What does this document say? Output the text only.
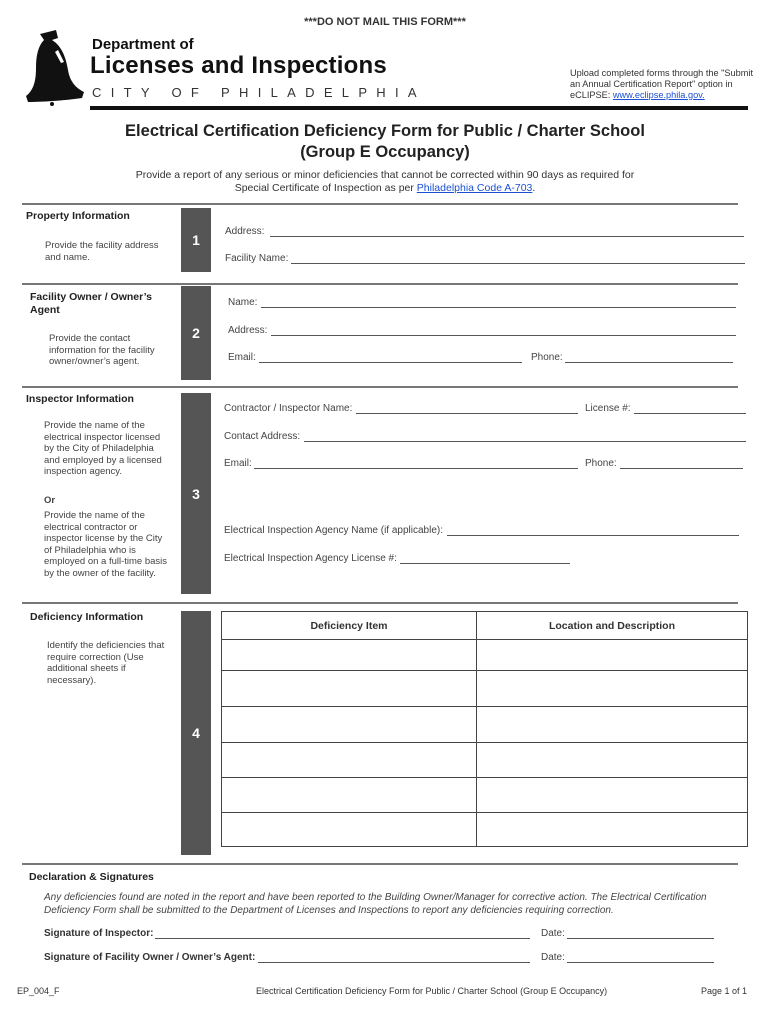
***DO NOT MAIL THIS FORM***
Department of
Licenses and Inspections
CITY OF PHILADELPHIA
Upload completed forms through the "Submit an Annual Certification Report" option in eCLIPSE: www.eclipse.phila.gov.
Electrical Certification Deficiency Form for Public / Charter School
(Group E Occupancy)
Provide a report of any serious or minor deficiencies that cannot be corrected within 90 days as required for
Special Certificate of Inspection as per Philadelphia Code A-703.
Property Information
Provide the facility address and name.
1
Address:
Facility Name:
Facility Owner / Owner’s Agent
Provide the contact information for the facility owner/owner’s agent.
2
Name:
Address:
Email:	Phone:
Inspector Information
Provide the name of the electrical inspector licensed by the City of Philadelphia and employed by a licensed inspection agency.
Or
Provide the name of the electrical contractor or inspector license by the City of Philadelphia who is employed on a full-time basis by the owner of the facility.
3
Contractor / Inspector Name:	License #:
Contact Address:
Email:	Phone:
Electrical Inspection Agency Name (if applicable):
Electrical Inspection Agency License #:
Deficiency Information
Identify the deficiencies that require correction (Use additional sheets if necessary).
4
Deficiency Item	Location and Description

Declaration & Signatures
Any deficiencies found are noted in the report and have been reported to the Building Owner/Manager for corrective action. The Electrical Certification Deficiency Form shall be submitted to the Department of Licenses and Inspections to report any deficiencies requiring correction.
Signature of Inspector:	Date:
Signature of Facility Owner / Owner’s Agent:	Date:
EP_004_F	Electrical Certification Deficiency Form for Public / Charter School (Group E Occupancy)	Page 1 of 1
